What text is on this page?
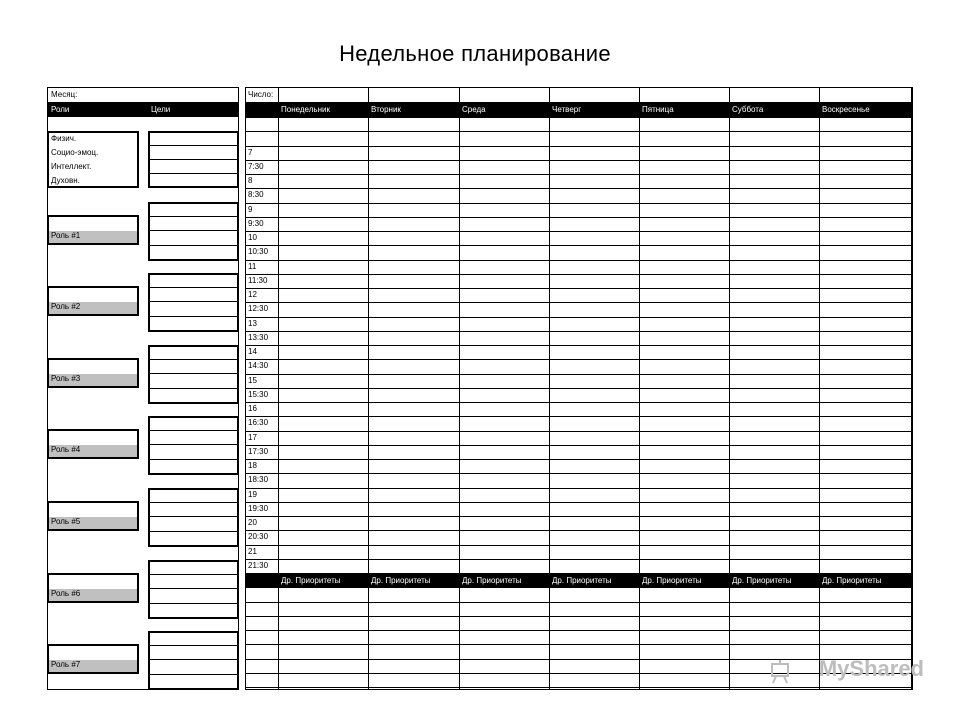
Недельное планирование
Месяц:
Роли	Цели
Физич.
Социо-эмоц.
Интеллект.
Духовн.
Роль #1
Роль #2
Роль #3
Роль #4
Роль #5
Роль #6
Роль #7
Число:
Понедельник	Вторник	Среда	Четверг	Пятница	Суббота	Воскресенье
7
7:30
8
8:30
9
9:30
10
10:30
11
11:30
12
12:30
13
13:30
14
14:30
15
15:30
16
16:30
17
17:30
18
18:30
19
19:30
20
20:30
21
21:30
Др. Приоритеты	Др. Приоритеты	Др. Приоритеты	Др. Приоритеты	Др. Приоритеты	Др. Приоритеты	Др. Приоритеты
MyShared
